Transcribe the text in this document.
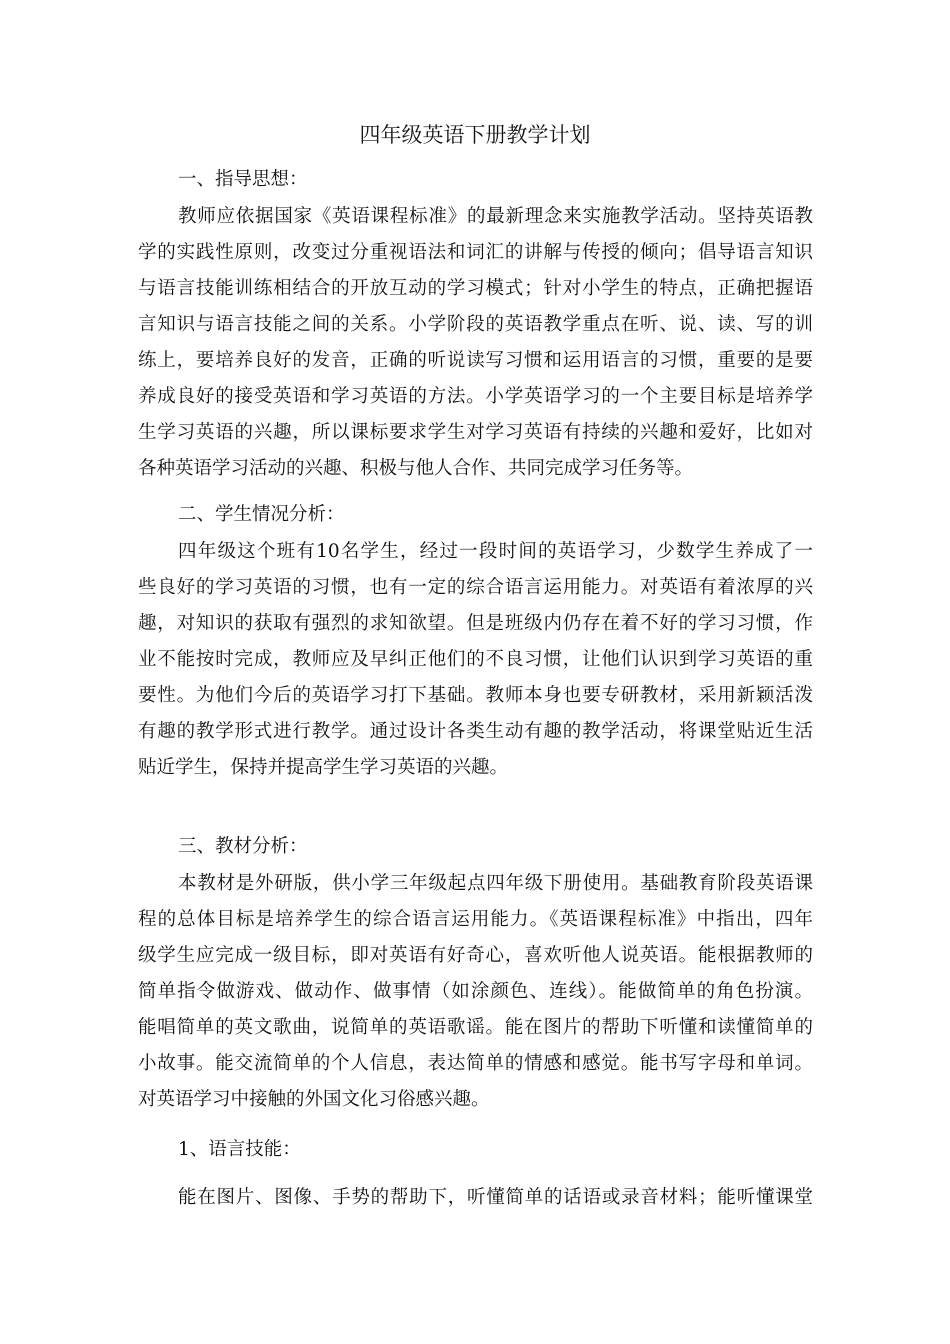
四年级英语下册教学计划

一、指导思想：

教师应依据国家《英语课程标准》的最新理念来实施教学活动。坚持英语教

学的实践性原则，改变过分重视语法和词汇的讲解与传授的倾向；倡导语言知识

与语言技能训练相结合的开放互动的学习模式；针对小学生的特点，正确把握语

言知识与语言技能之间的关系。小学阶段的英语教学重点在听、说、读、写的训

练上，要培养良好的发音，正确的听说读写习惯和运用语言的习惯，重要的是要

养成良好的接受英语和学习英语的方法。小学英语学习的一个主要目标是培养学

生学习英语的兴趣，所以课标要求学生对学习英语有持续的兴趣和爱好，比如对

各种英语学习活动的兴趣、积极与他人合作、共同完成学习任务等。

二、学生情况分析：

四年级这个班有10名学生，经过一段时间的英语学习，少数学生养成了一

些良好的学习英语的习惯，也有一定的综合语言运用能力。对英语有着浓厚的兴

趣，对知识的获取有强烈的求知欲望。但是班级内仍存在着不好的学习习惯，作

业不能按时完成，教师应及早纠正他们的不良习惯，让他们认识到学习英语的重

要性。为他们今后的英语学习打下基础。教师本身也要专研教材，采用新颖活泼

有趣的教学形式进行教学。通过设计各类生动有趣的教学活动，将课堂贴近生活

贴近学生，保持并提高学生学习英语的兴趣。

三、教材分析：

本教材是外研版，供小学三年级起点四年级下册使用。基础教育阶段英语课

程的总体目标是培养学生的综合语言运用能力。《英语课程标准》中指出，四年

级学生应完成一级目标，即对英语有好奇心，喜欢听他人说英语。能根据教师的

简单指令做游戏、做动作、做事情（如涂颜色、连线）。能做简单的角色扮演。

能唱简单的英文歌曲，说简单的英语歌谣。能在图片的帮助下听懂和读懂简单的

小故事。能交流简单的个人信息，表达简单的情感和感觉。能书写字母和单词。

对英语学习中接触的外国文化习俗感兴趣。

1、语言技能：

能在图片、图像、手势的帮助下，听懂简单的话语或录音材料；能听懂课堂
